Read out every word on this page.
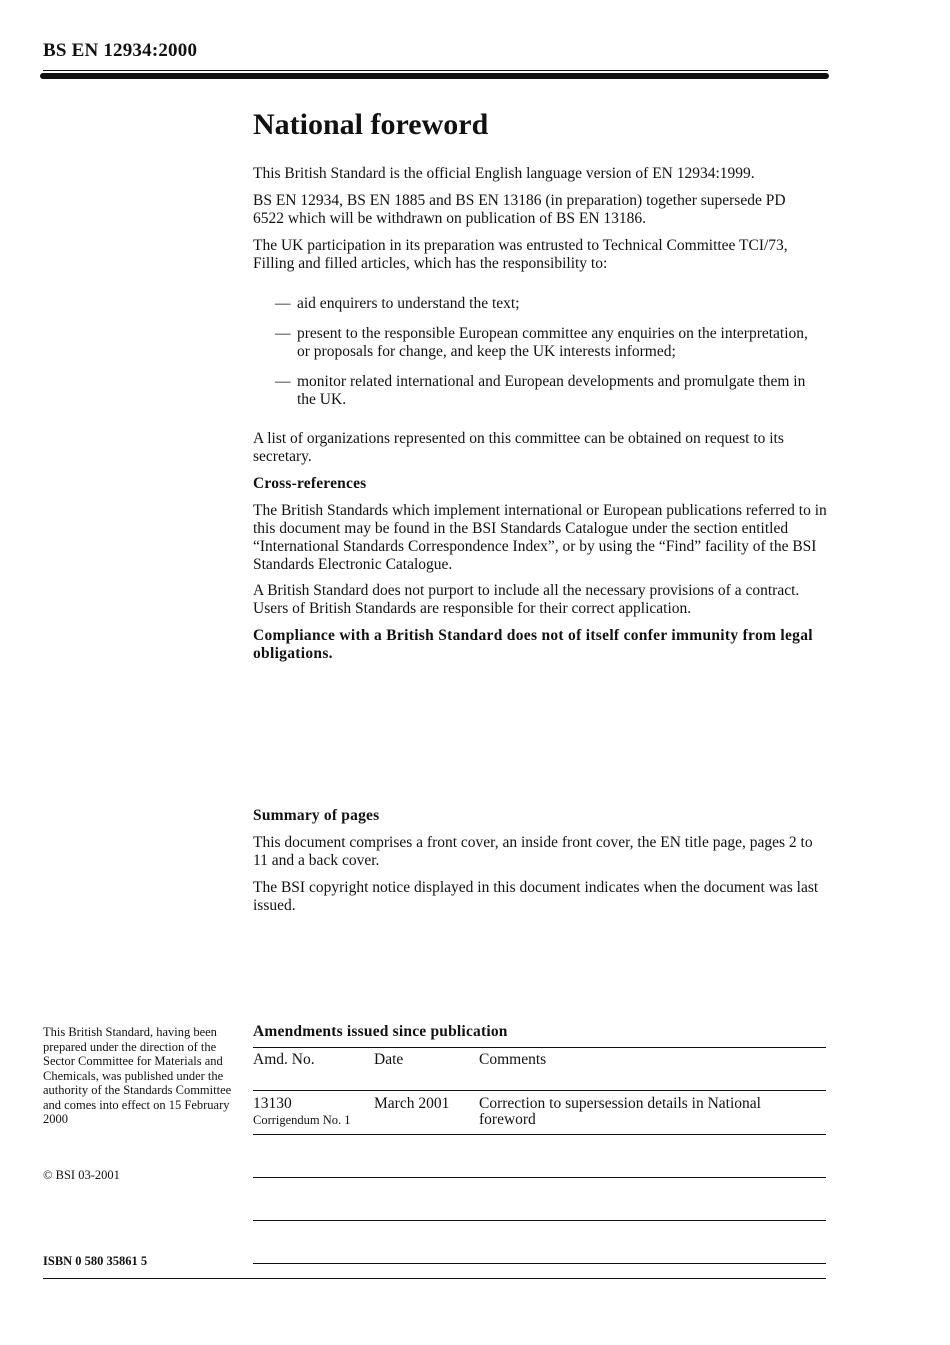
BS EN 12934:2000
National foreword
This British Standard is the official English language version of EN 12934:1999.
BS EN 12934, BS EN 1885 and BS EN 13186 (in preparation) together supersede PD 6522 which will be withdrawn on publication of BS EN 13186.
The UK participation in its preparation was entrusted to Technical Committee TCI/73, Filling and filled articles, which has the responsibility to:
— aid enquirers to understand the text;
— present to the responsible European committee any enquiries on the interpretation, or proposals for change, and keep the UK interests informed;
— monitor related international and European developments and promulgate them in the UK.
A list of organizations represented on this committee can be obtained on request to its secretary.
Cross-references
The British Standards which implement international or European publications referred to in this document may be found in the BSI Standards Catalogue under the section entitled “International Standards Correspondence Index”, or by using the “Find” facility of the BSI Standards Electronic Catalogue.
A British Standard does not purport to include all the necessary provisions of a contract. Users of British Standards are responsible for their correct application.
Compliance with a British Standard does not of itself confer immunity from legal obligations.
Summary of pages
This document comprises a front cover, an inside front cover, the EN title page, pages 2 to 11 and a back cover.
The BSI copyright notice displayed in this document indicates when the document was last issued.
This British Standard, having been prepared under the direction of the Sector Committee for Materials and Chemicals, was published under the authority of the Standards Committee and comes into effect on 15 February 2000
© BSI 03-2001
ISBN 0 580 35861 5
Amendments issued since publication
Amd. No.	Date	Comments
13130
Corrigendum No. 1
March 2001 Correction to supersession details in National foreword
